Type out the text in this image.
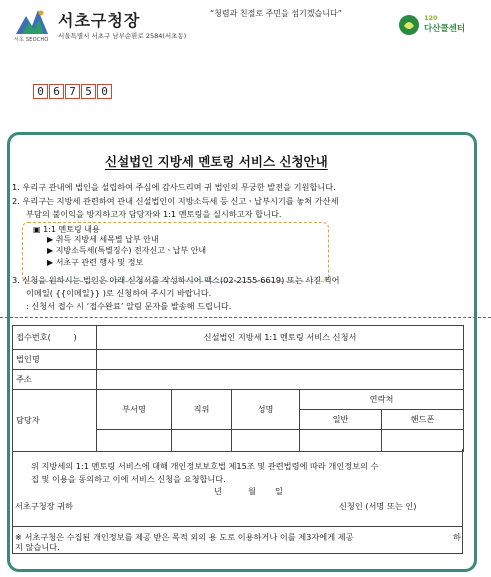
서초 SEOCHO
서초구청장
서울특별시 서초구 남부순환로 2584(서초동)
“청렴과 친절로 주민을 섬기겠습니다”	120
다산콜센터
0 6 7 5 0
신설법인 지방세 멘토링 서비스 신청안내
1. 우리구 관내에 법인을 설립하여 주심에 감사드리며 귀 법인의 무궁한 발전을 기원합니다.
2. 우리구는 지방세 관련하여 관내 신설법인이 지방소득세 등 신고ㆍ납부시기를 놓쳐 가산세
부담의 불이익을 방지하고자 담당자와 1:1 멘토링을 실시하고자 합니다.
▣ 1:1 멘토링 내용
▶ 취득 지방세 세목별 납부 안내
▶ 지방소득세(특별징수) 전자신고ㆍ납부 안내
▶ 서초구 관련 행사 및 정보
3. 신청을 원하시는 법인은 아래 신청서를 작성하시어 팩스(02-2155-6619) 또는 사진 찍어
이메일( {{이메일}} )로 신청하여 주시기 바랍니다.
: 신청서 접수 시 ‘접수완료’ 알림 문자를 발송해 드립니다.
접수번호( )	신설법인 지방세 1:1 멘토링 서비스 신청서				
법인명					
주소					
담당자	부서명	직위	성명	연락처	
				일반	핸드폰

위 지방세의 1:1 멘토링 서비스에 대해 개인정보보호법 제15조 및 관련법령에 따라 개인정보의 수
집 및 이용을 동의하고 이에 서비스 신청을 요청합니다.
년	월 일
서초구청장 귀하	신청인 (서명 또는 인)
※ 서초구청은 수집된 개인정보를 제공 받은 목적 외의 용 도로 이용하거나 이를 제3자에게 제공	하
지 않습니다.
